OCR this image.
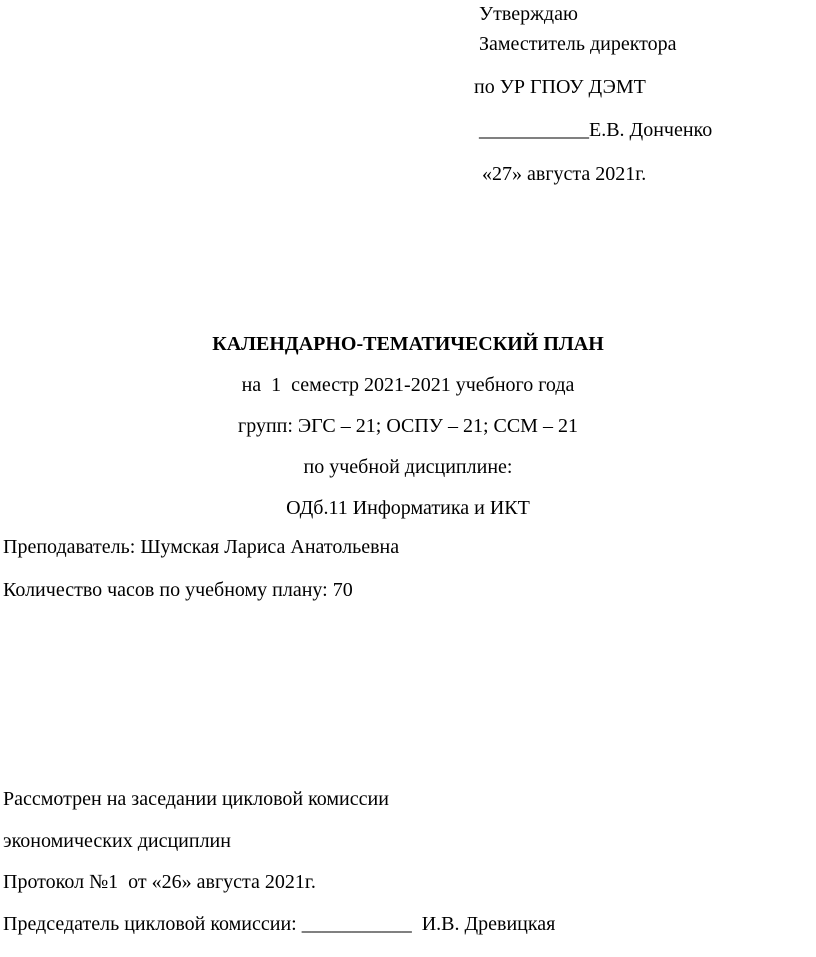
Утверждаю
Заместитель директора
по УР ГПОУ ДЭМТ
___________Е.В. Донченко
«27» августа 2021г.
КАЛЕНДАРНО-ТЕМАТИЧЕСКИЙ ПЛАН
на  1  семестр 2021-2021 учебного года
групп: ЭГС – 21; ОСПУ – 21; ССМ – 21
по учебной дисциплине:
ОДб.11 Информатика и ИКТ
Преподаватель: Шумская Лариса Анатольевна
Количество часов по учебному плану: 70
Рассмотрен на заседании цикловой комиссии
экономических дисциплин
Протокол №1  от «26» августа 2021г.
Председатель цикловой комиссии: ___________  И.В. Древицкая
